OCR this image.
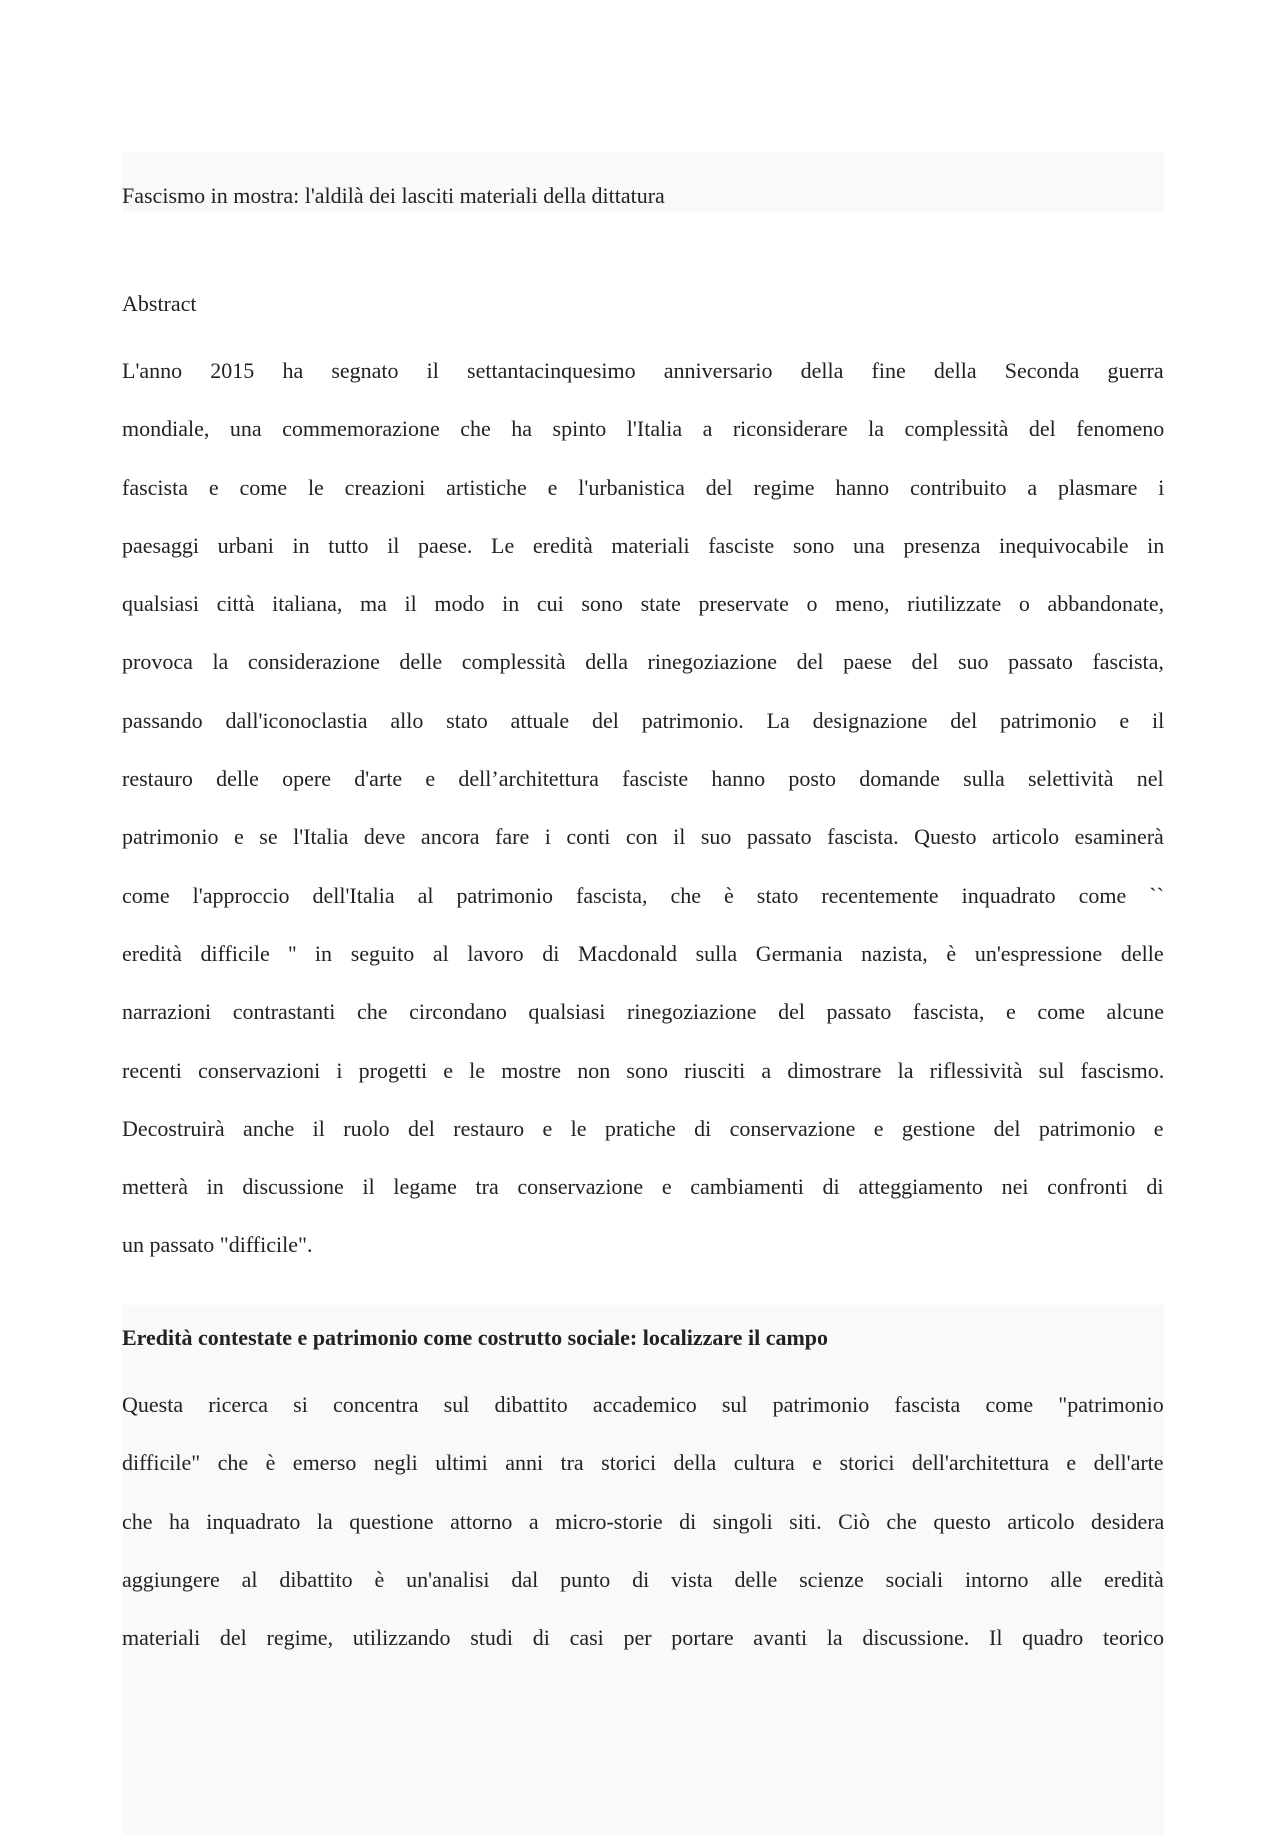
Fascismo in mostra: l'aldilà dei lasciti materiali della dittatura
Abstract
L'anno 2015 ha segnato il settantacinquesimo anniversario della fine della Seconda guerra
mondiale, una commemorazione che ha spinto l'Italia a riconsiderare la complessità del fenomeno
fascista e come le creazioni artistiche e l'urbanistica del regime hanno contribuito a plasmare i
paesaggi urbani in tutto il paese. Le eredità materiali fasciste sono una presenza inequivocabile in
qualsiasi città italiana, ma il modo in cui sono state preservate o meno, riutilizzate o abbandonate,
provoca la considerazione delle complessità della rinegoziazione del paese del suo passato fascista,
passando dall'iconoclastia allo stato attuale del patrimonio. La designazione del patrimonio e il
restauro delle opere d'arte e dell’architettura fasciste hanno posto domande sulla selettività nel
patrimonio e se l'Italia deve ancora fare i conti con il suo passato fascista. Questo articolo esaminerà
come l'approccio dell'Italia al patrimonio fascista, che è stato recentemente inquadrato come ``
eredità difficile '' in seguito al lavoro di Macdonald sulla Germania nazista, è un'espressione delle
narrazioni contrastanti che circondano qualsiasi rinegoziazione del passato fascista, e come alcune
recenti conservazioni i progetti e le mostre non sono riusciti a dimostrare la riflessività sul fascismo.
Decostruirà anche il ruolo del restauro e le pratiche di conservazione e gestione del patrimonio e
metterà in discussione il legame tra conservazione e cambiamenti di atteggiamento nei confronti di
un passato "difficile".
Eredità contestate e patrimonio come costrutto sociale: localizzare il campo
Questa ricerca si concentra sul dibattito accademico sul patrimonio fascista come "patrimonio
difficile" che è emerso negli ultimi anni tra storici della cultura e storici dell'architettura e dell'arte
che ha inquadrato la questione attorno a micro-storie di singoli siti. Ciò che questo articolo desidera
aggiungere al dibattito è un'analisi dal punto di vista delle scienze sociali intorno alle eredità
materiali del regime, utilizzando studi di casi per portare avanti la discussione. Il quadro teorico
